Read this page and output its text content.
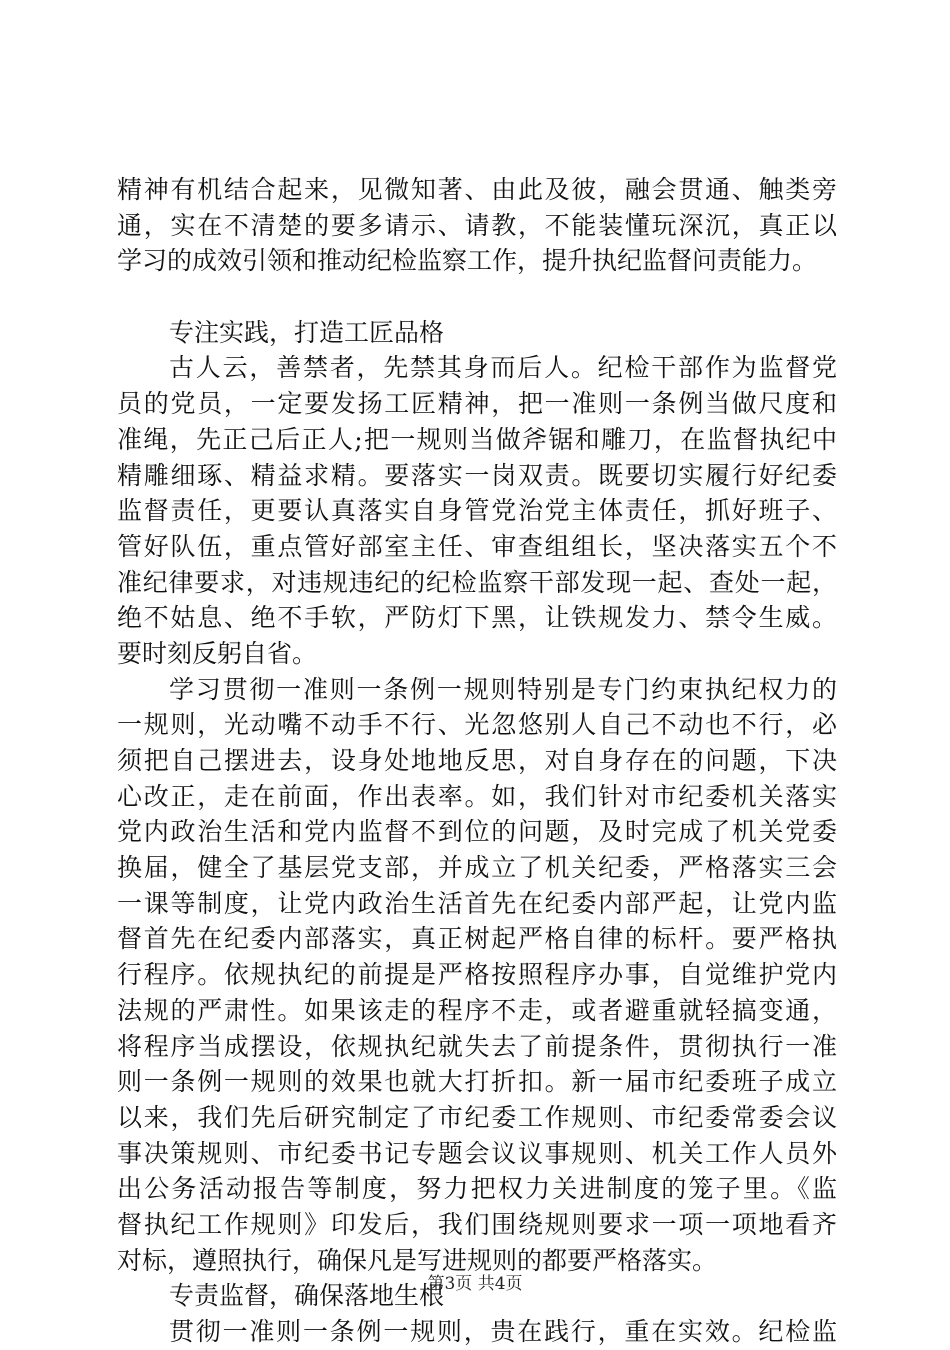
精神有机结合起来，见微知著、由此及彼，融会贯通、触类旁
通，实在不清楚的要多请示、请教，不能装懂玩深沉，真正以
学习的成效引领和推动纪检监察工作，提升执纪监督问责能力。
专注实践，打造工匠品格
古人云，善禁者，先禁其身而后人。纪检干部作为监督党
员的党员，一定要发扬工匠精神，把一准则一条例当做尺度和
准绳，先正己后正人;把一规则当做斧锯和雕刀，在监督执纪中
精雕细琢、精益求精。要落实一岗双责。既要切实履行好纪委
监督责任，更要认真落实自身管党治党主体责任，抓好班子、
管好队伍，重点管好部室主任、审查组组长，坚决落实五个不
准纪律要求，对违规违纪的纪检监察干部发现一起、查处一起，
绝不姑息、绝不手软，严防灯下黑，让铁规发力、禁令生威。
要时刻反躬自省。
学习贯彻一准则一条例一规则特别是专门约束执纪权力的
一规则，光动嘴不动手不行、光忽悠别人自己不动也不行，必
须把自己摆进去，设身处地地反思，对自身存在的问题，下决
心改正，走在前面，作出表率。如，我们针对市纪委机关落实
党内政治生活和党内监督不到位的问题，及时完成了机关党委
换届，健全了基层党支部，并成立了机关纪委，严格落实三会
一课等制度，让党内政治生活首先在纪委内部严起，让党内监
督首先在纪委内部落实，真正树起严格自律的标杆。要严格执
行程序。依规执纪的前提是严格按照程序办事，自觉维护党内
法规的严肃性。如果该走的程序不走，或者避重就轻搞变通，
将程序当成摆设，依规执纪就失去了前提条件，贯彻执行一准
则一条例一规则的效果也就大打折扣。新一届市纪委班子成立
以来，我们先后研究制定了市纪委工作规则、市纪委常委会议
事决策规则、市纪委书记专题会议议事规则、机关工作人员外
出公务活动报告等制度，努力把权力关进制度的笼子里。《监
督执纪工作规则》印发后，我们围绕规则要求一项一项地看齐
对标，遵照执行，确保凡是写进规则的都要严格落实。
专责监督，确保落地生根
贯彻一准则一条例一规则，贵在践行，重在实效。纪检监
第3页 共4页
